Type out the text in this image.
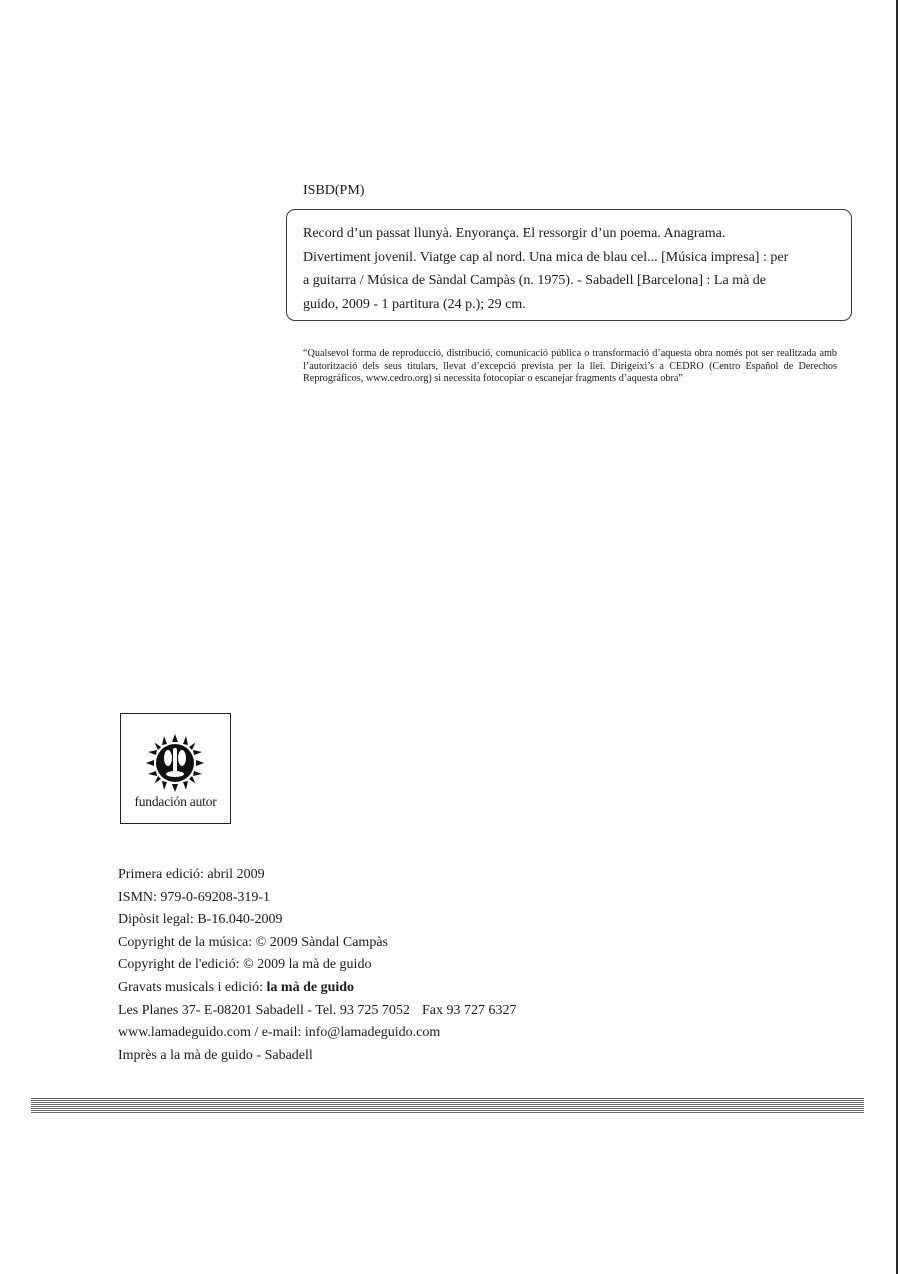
ISBD(PM)
Record d’un passat llunyà. Enyorança. El ressorgir d’un poema. Anagrama.
Divertiment jovenil. Viatge cap al nord. Una mica de blau cel... [Música impresa] : per
a guitarra / Música de Sàndal Campàs (n. 1975). - Sabadell [Barcelona] : La mà de
guido, 2009 - 1 partitura (24 p.); 29 cm.
“Qualsevol forma de reproducció, distribució, comunicació pública o transformació d’aquesta obra només pot ser realitzada amb l’autorització dels seus titulars, llevat d’excepció prevista per la llei. Dirigeixi’s a CEDRO (Centro Español de Derechos Reprográficos, www.cedro.org) si necessita fotocopiar o escanejar fragments d’aquesta obra”
fundación autor
Primera edició: abril 2009
ISMN: 979-0-69208-319-1
Dipòsit legal: B-16.040-2009
Copyright de la música: © 2009 Sàndal Campàs
Copyright de l'edició: © 2009 la mà de guido
Gravats musicals i edició: la mà de guido
Les Planes 37- E-08201 Sabadell - Tel. 93 725 7052 Fax 93 727 6327
www.lamadeguido.com / e-mail: info@lamadeguido.com
Imprès a la mà de guido - Sabadell
